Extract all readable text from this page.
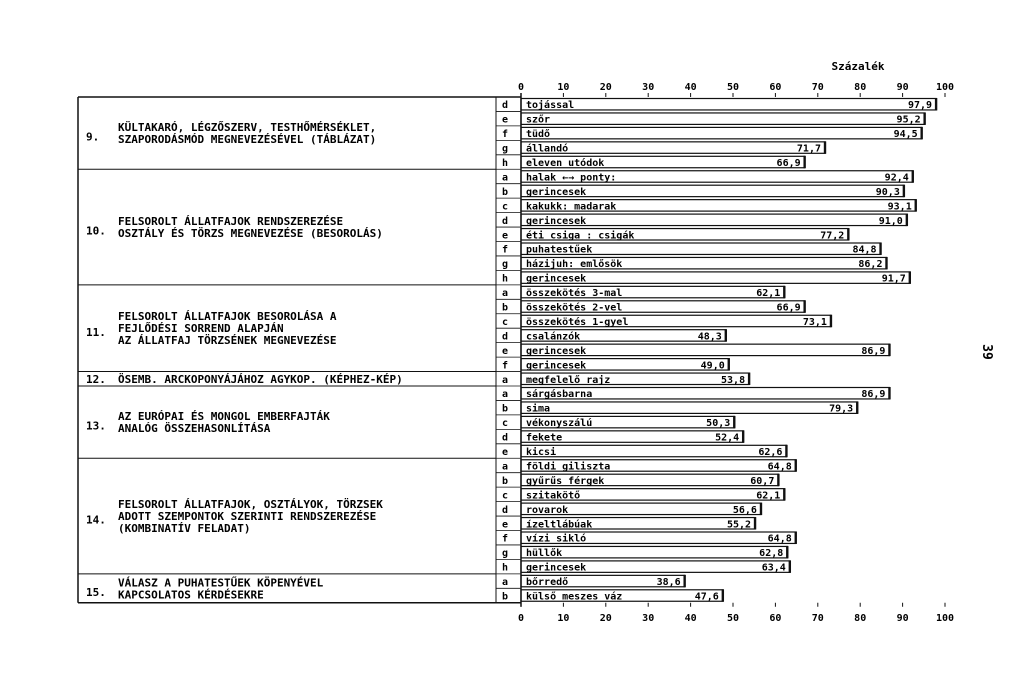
Százalék
0
0
10
10
20
20
30
30
40
40
50
50
60
60
70
70
80
80
90
90
100
100
9.
KÜLTAKARÓ, LÉGZŐSZERV, TESTHŐMÉRSÉKLET,
SZAPORODÁSMÓD MEGNEVEZÉSÉVEL (TÁBLÁZAT)
d tojással	97,9
e szőr	95,2
f tüdő	94,5
g állandó	71,7
h eleven utódok	66,9
10.
FELSOROLT ÁLLATFAJOK RENDSZEREZÉSE
OSZTÁLY ÉS TÖRZS MEGNEVEZÉSE (BESOROLÁS)
a halak ←→ ponty:	92,4
b gerincesek	90,3
c kakukk: madarak	93,1
d gerincesek	91,0
e éti csiga : csigák	77,2
f puhatestűek	84,8
g házijuh: emlősök	86,2
h gerincesek	91,7
11.
FELSOROLT ÁLLATFAJOK BESOROLÁSA A
FEJLŐDÉSI SORREND ALAPJÁN
AZ ÁLLATFAJ TÖRZSÉNEK MEGNEVEZÉSE
a összekötés 3-mal	62,1
b összekötés 2-vel	66,9
c összekötés 1-gyel	73,1
d csalánzók	48,3
e gerincesek	86,9
f gerincesek	49,0
12. ÖSEMB. ARCKOPONYÁJÁHOZ AGYKOP. (KÉPHEZ-KÉP)	a megfelelő rajz	53,8
13.
AZ EURÓPAI ÉS MONGOL EMBERFAJTÁK
ANALÓG ÖSSZEHASONLÍTÁSA
a sárgásbarna	86,9
b sima	79,3
c vékonyszálú	50,3
d fekete	52,4
e kicsi	62,6
14.
FELSOROLT ÁLLATFAJOK, OSZTÁLYOK, TÖRZSEK
ADOTT SZEMPONTOK SZERINTI RENDSZEREZÉSE
(KOMBINATÍV FELADAT)
a földi giliszta	64,8
b gyűrűs férgek	60,7
c szitakötő	62,1
d rovarok	56,6
e ízeltlábúak	55,2
f vízi sikló	64,8
g hüllők	62,8
h gerincesek	63,4
15.
VÁLASZ A PUHATESTŰEK KÖPENYÉVEL
KAPCSOLATOS KÉRDÉSEKRE
a bőrredő	38,6
b külső meszes váz	47,6
39
